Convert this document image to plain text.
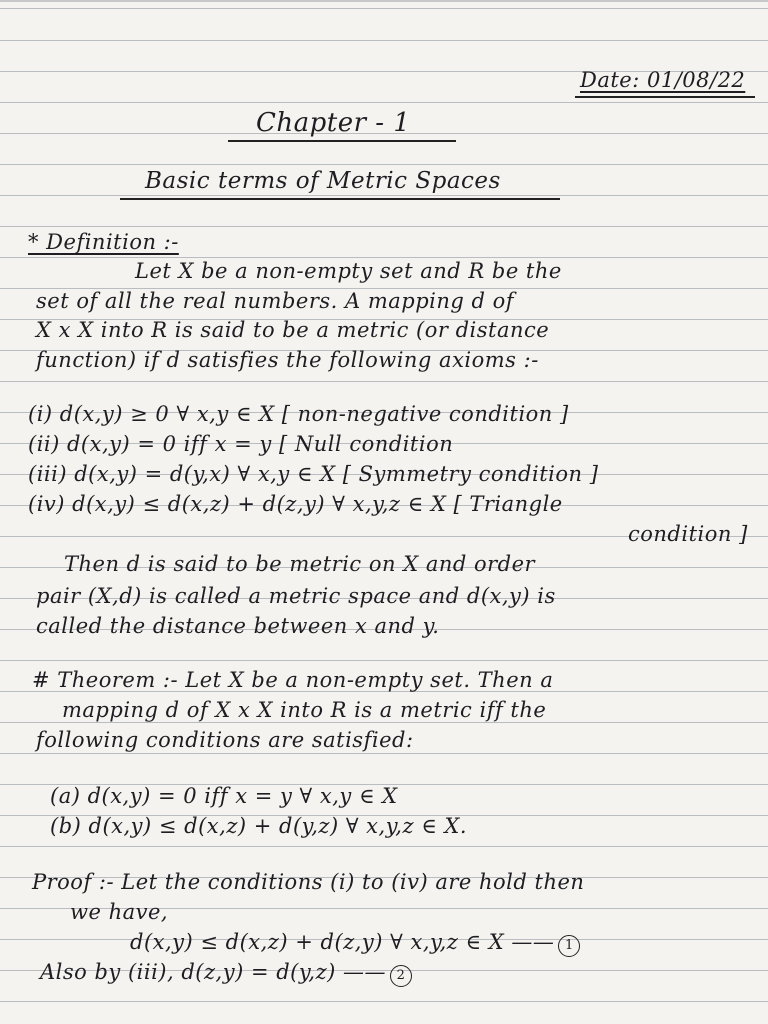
Date: 01/08/22
Chapter - 1
Basic terms of Metric Spaces
* Definition :-
Let X be a non-empty set and R be the
set of all the real numbers. A mapping d of
X x X into R is said to be a metric (or distance
function) if d satisfies the following axioms :-
(i) d(x,y) ≥ 0 ∀ x,y ∈ X [ non-negative condition ]
(ii) d(x,y) = 0 iff x = y [ Null condition
(iii) d(x,y) = d(y,x) ∀ x,y ∈ X [ Symmetry condition ]
(iv) d(x,y) ≤ d(x,z) + d(z,y) ∀ x,y,z ∈ X [ Triangle
condition ]
Then d is said to be metric on X and order
pair (X,d) is called a metric space and d(x,y) is
called the distance between x and y.
# Theorem :- Let X be a non-empty set. Then a
mapping d of X x X into R is a metric iff the
following conditions are satisfied:
(a) d(x,y) = 0 iff x = y ∀ x,y ∈ X
(b) d(x,y) ≤ d(x,z) + d(y,z) ∀ x,y,z ∈ X.
Proof :- Let the conditions (i) to (iv) are hold then
we have,
d(x,y) ≤ d(x,z) + d(z,y) ∀ x,y,z ∈ X —— 1
Also by (iii), d(z,y) = d(y,z) —— 2
